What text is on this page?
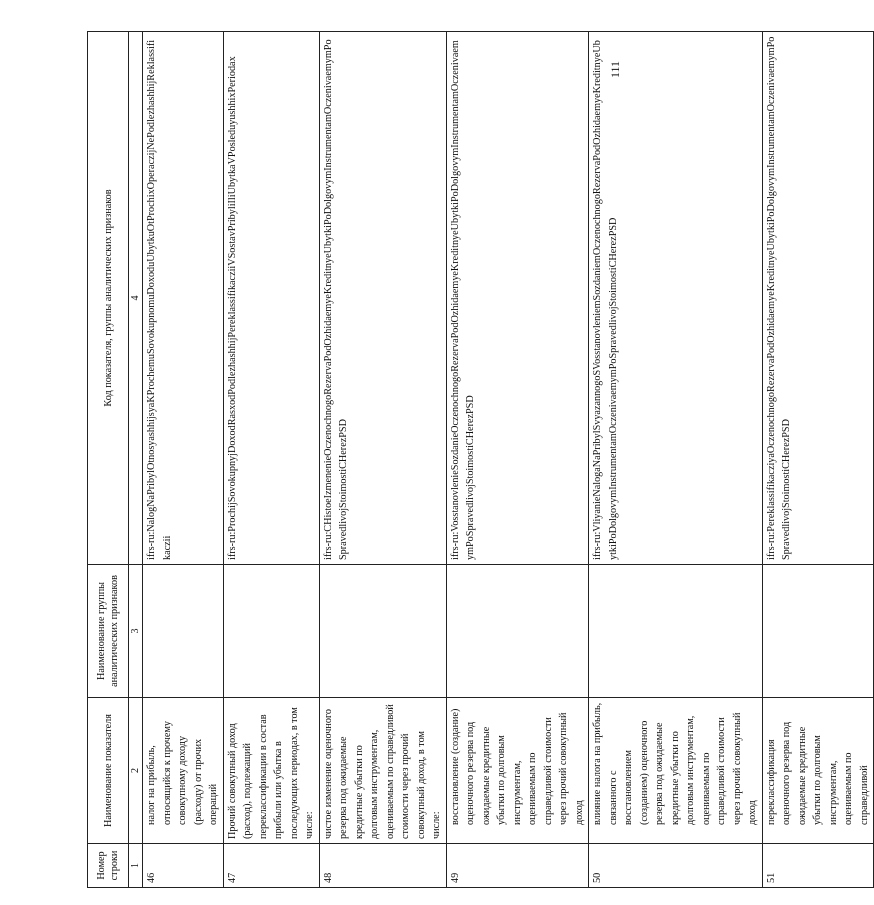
Номер строки	Наименование показателя	Наименование группы аналитических признаков	Код показателя, группы аналитических признаков
1	2	3	4
46	налог на прибыль, относящийся к прочему совокупному доходу (расходу) от прочих операций		ifrs-ru:NalogNaPribylOtnosyashhijsyaKProchemuSovokupnomuDoxoduUbytkuOtProchixOperaczijNePodlezhashhijReklassifikaczii
47	Прочий совокупный доход (расход), подлежащий переклассификации в состав прибыли или убытка в последующих периодах, в том числе:		ifrs-ru:ProchijSovokupnyjDoxodRasxodPodlezhashhijPereklassifikacziiVSostavPribyliIliUbytkaVPosleduyushhixPeriodax
48	чистое изменение оценочного резерва под ожидаемые кредитные убытки по долговым инструментам, оцениваемым по справедливой стоимости через прочий совокупный доход, в том числе:		ifrs-ru:CHistoeIzmenenieOczenochnogoRezervaPodOzhidaemyeKreditnyeUbytkiPoDolgovymInstrumentamOczenivaemymPoSpravedlivojStoimostiCHerezPSD
49	восстановление (создание) оценочного резерва под ожидаемые кредитные убытки по долговым инструментам, оцениваемым по справедливой стоимости через прочий совокупный доход		ifrs-ru:VosstanovlenieSozdanieOczenochnogoRezervaPodOzhidaemyeKreditnyeUbytkiPoDolgovymInstrumentamOczenivaemymPoSpravedlivojStoimostiCHerezPSD
50	влияние налога на прибыль, связанного с восстановлением (созданием) оценочного резерва под ожидаемые кредитные убытки по долговым инструментам, оцениваемым по справедливой стоимости через прочий совокупный доход		ifrs-ru:VliyanieNalogaNaPribylSvyazannogoSVosstanovleniemSozdaniemOczenochnogoRezervaPodOzhidaemyeKreditnyeUbytkiPoDolgovymInstrumentamOczenivaemymPoSpravedlivojStoimostiCHerezPSD
51	переклассификация оценочного резерва под ожидаемые кредитные убытки по долговым инструментам, оцениваемым по справедливой		ifrs-ru:PereklassifikacziyaOczenochnogoRezervaPodOzhidaemyeKreditnyeUbytkiPoDolgovymInstrumentamOczenivaemymPoSpravedlivojStoimostiCHerezPSD
111
